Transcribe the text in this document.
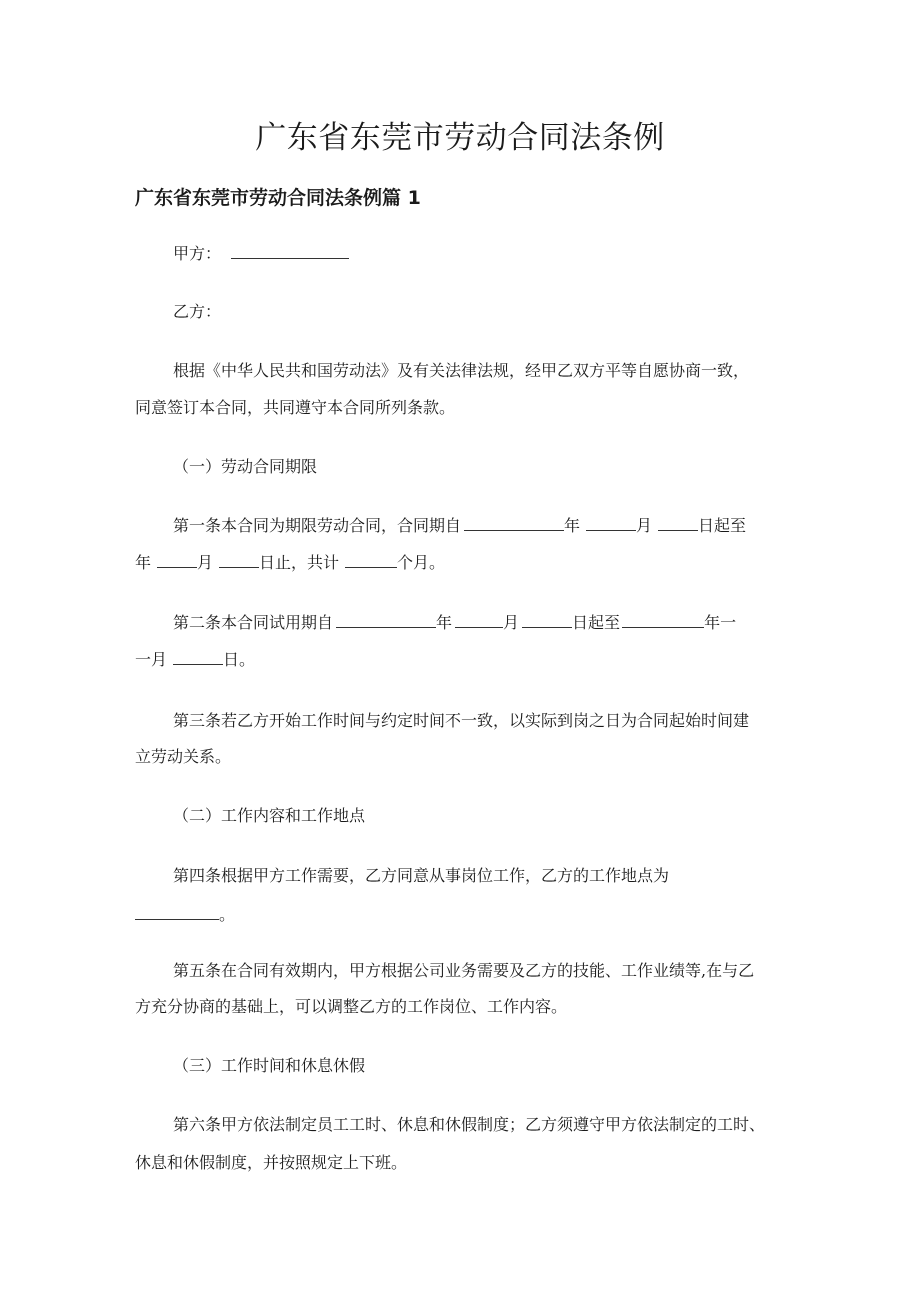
广东省东莞市劳动合同法条例
广东省东莞市劳动合同法条例篇 1
甲方：
乙方：
根据《中华人民共和国劳动法》及有关法律法规，经甲乙双方平等自愿协商一致，
同意签订本合同，共同遵守本合同所列条款。
（一）劳动合同期限
第一条本合同为期限劳动合同，合同期自	年	月	日起至
年	月	日止，共计	个月。
第二条本合同试用期自	年	月	日起至	年一
一月	日。
第三条若乙方开始工作时间与约定时间不一致，以实际到岗之日为合同起始时间建
立劳动关系。
（二）工作内容和工作地点
第四条根据甲方工作需要，乙方同意从事岗位工作，乙方的工作地点为
。
第五条在合同有效期内，甲方根据公司业务需要及乙方的技能、工作业绩等,在与乙
方充分协商的基础上，可以调整乙方的工作岗位、工作内容。
（三）工作时间和休息休假
第六条甲方依法制定员工工时、休息和休假制度；乙方须遵守甲方依法制定的工时、
休息和休假制度，并按照规定上下班。
